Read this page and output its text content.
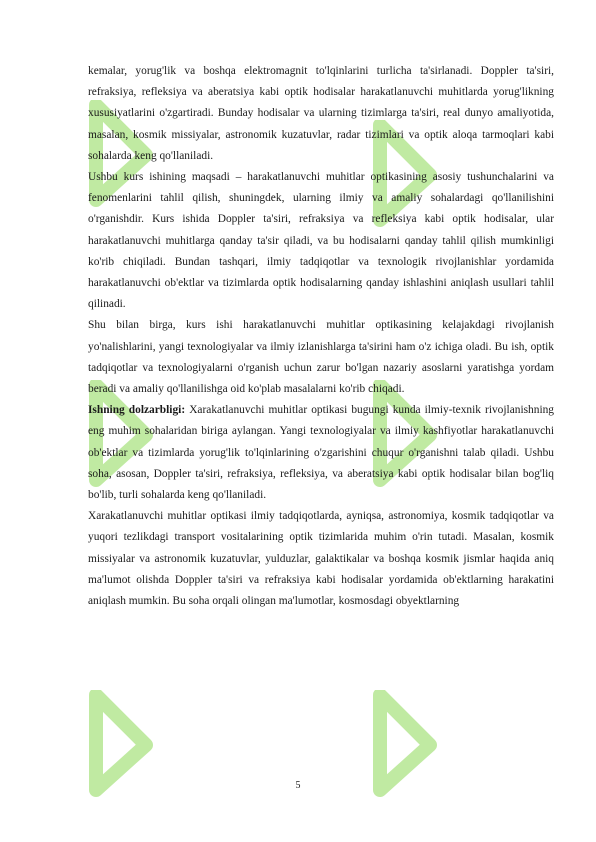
kemalar, yorug'lik va boshqa elektromagnit to'lqinlarini turlicha ta'sirlanadi. Doppler ta'siri, refraksiya, refleksiya va aberatsiya kabi optik hodisalar harakatlanuvchi muhitlarda yorug'likning xususiyatlarini o'zgartiradi. Bunday hodisalar va ularning tizimlarga ta'siri, real dunyo amaliyotida, masalan, kosmik missiyalar, astronomik kuzatuvlar, radar tizimlari va optik aloqa tarmoqlari kabi sohalarda keng qo'llaniladi.

Ushbu kurs ishining maqsadi – harakatlanuvchi muhitlar optikasining asosiy tushunchalarini va fenomenlarini tahlil qilish, shuningdek, ularning ilmiy va amaliy sohalardagi qo'llanilishini o'rganishdir. Kurs ishida Doppler ta'siri, refraksiya va refleksiya kabi optik hodisalar, ular harakatlanuvchi muhitlarga qanday ta'sir qiladi, va bu hodisalarni qanday tahlil qilish mumkinligi ko'rib chiqiladi. Bundan tashqari, ilmiy tadqiqotlar va texnologik rivojlanishlar yordamida harakatlanuvchi ob'ektlar va tizimlarda optik hodisalarning qanday ishlashini aniqlash usullari tahlil qilinadi.

Shu bilan birga, kurs ishi harakatlanuvchi muhitlar optikasining kelajakdagi rivojlanish yo'nalishlarini, yangi texnologiyalar va ilmiy izlanishlarga ta'sirini ham o'z ichiga oladi. Bu ish, optik tadqiqotlar va texnologiyalarni o'rganish uchun zarur bo'lgan nazariy asoslarni yaratishga yordam beradi va amaliy qo'llanilishga oid ko'plab masalalarni ko'rib chiqadi.

Ishning dolzarbligi: Xarakatlanuvchi muhitlar optikasi bugungi kunda ilmiy-texnik rivojlanishning eng muhim sohalaridan biriga aylangan. Yangi texnologiyalar va ilmiy kashfiyotlar harakatlanuvchi ob'ektlar va tizimlarda yorug'lik to'lqinlarining o'zgarishini chuqur o'rganishni talab qiladi. Ushbu soha, asosan, Doppler ta'siri, refraksiya, refleksiya, va aberatsiya kabi optik hodisalar bilan bog'liq bo'lib, turli sohalarda keng qo'llaniladi.

Xarakatlanuvchi muhitlar optikasi ilmiy tadqiqotlarda, ayniqsa, astronomiya, kosmik tadqiqotlar va yuqori tezlikdagi transport vositalarining optik tizimlarida muhim o'rin tutadi. Masalan, kosmik missiyalar va astronomik kuzatuvlar, yulduzlar, galaktikalar va boshqa kosmik jismlar haqida aniq ma'lumot olishda Doppler ta'siri va refraksiya kabi hodisalar yordamida ob'ektlarning harakatini aniqlash mumkin. Bu soha orqali olingan ma'lumotlar, kosmosdagi obyektlarning

5
